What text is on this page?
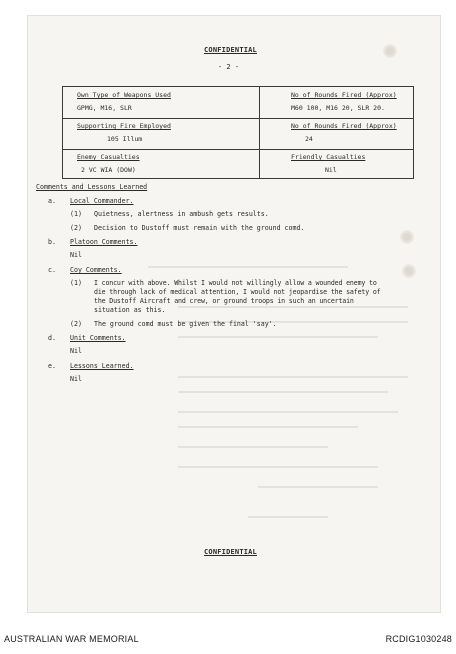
CONFIDENTIAL
- 2 -
Own Type of Weapons Used	No of Rounds Fired (Approx)
GPMG, M16, SLR	M60 100, M16 20, SLR 20.
Supporting Fire Employed	No of Rounds Fired (Approx)
105 Illum	24
Enemy Casualties	Friendly Casualties
2 VC WIA (DOW)	Nil
Comments and Lessons Learned
a. Local Commander.
(1) Quietness, alertness in ambush gets results.
(2) Decision to Dustoff must remain with the ground comd.
b. Platoon Comments.
Nil
c. Coy Comments.
(1) I concur with above. Whilst I would not willingly allow a wounded enemy to
die through lack of medical attention, I would not jeopardise the safety of
the Dustoff Aircraft and crew, or ground troops in such an uncertain
situation as this.
(2) The ground comd must be given the final 'say'.
d. Unit Comments.
Nil
e. Lessons Learned.
Nil
CONFIDENTIAL
AUSTRALIAN WAR MEMORIAL	RCDIG1030248
